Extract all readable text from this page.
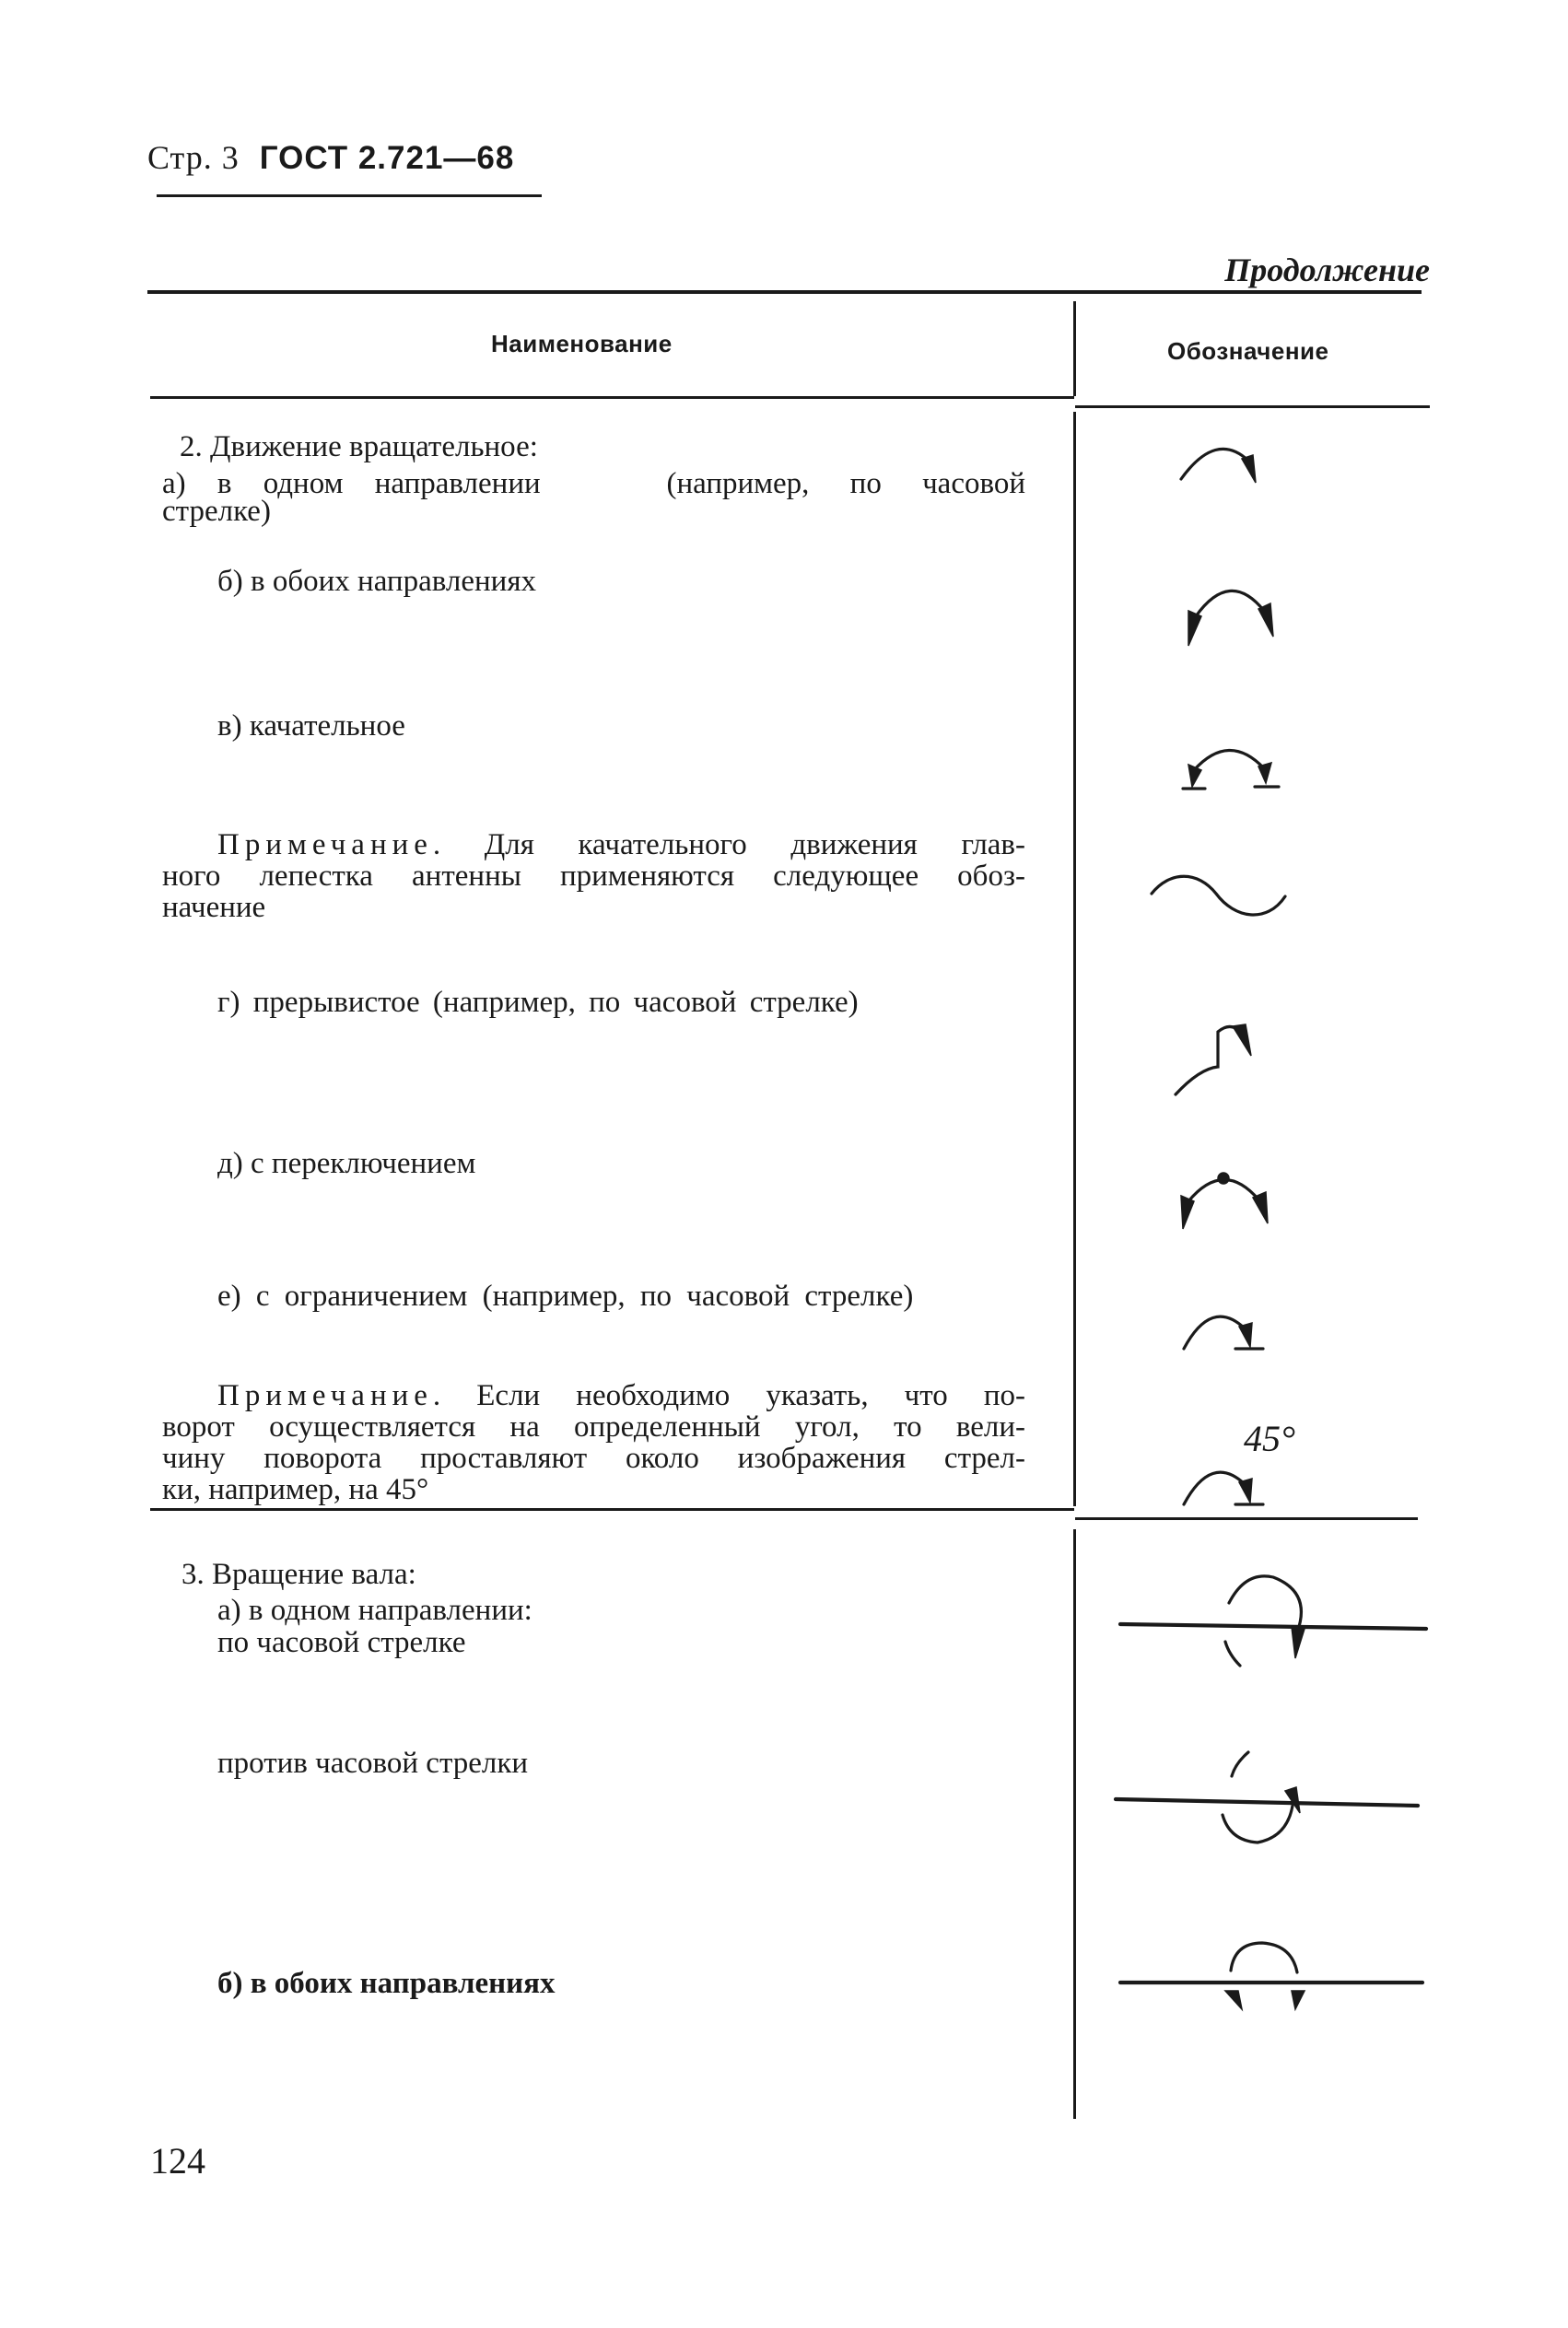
Стр. 3 ГОСТ 2.721—68
Продолжение
Наименование	Обозначение
2. Движение вращательное:
а) в одном направлении	(например, по часовой
стрелке)
б) в обоих направлениях
в) качательное
Примечание. Для качательного движения глав-
ного лепестка антенны применяются следующее обоз-
начение
г) прерывистое (например, по часовой стрелке)
д) с переключением
е) с ограничением (например, по часовой стрелке)
Примечание. Если необходимо указать, что по-
ворот осуществляется на определенный угол, то вели-
чину поворота проставляют около изображения стрел-
ки, например, на 45°
3. Вращение вала:
а) в одном направлении:
по часовой стрелке
против часовой стрелки
б) в обоих направлениях
45°
124
